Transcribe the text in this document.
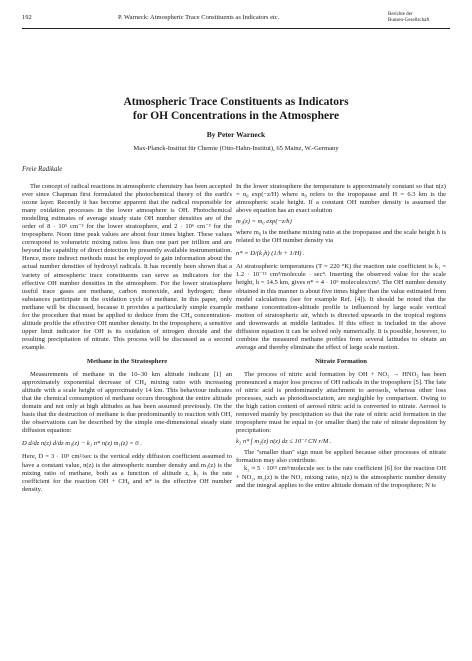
192	P. Warneck: Atmospheric Trace Constituents as Indicators etc.	Berichte der
Bunsen-Gesellschaft
Atmospheric Trace Constituents as Indicators
for OH Concentrations in the Atmosphere
By Peter Warneck
Max-Planck-Institut für Chemie (Otto-Hahn-Institut), 65 Mainz, W.-Germany
Freie Radikale

The concept of radical reactions in atmospheric chemistry has been accepted ever since Chapman first formulated the photochemical theory of the earth's ozone layer. Recently it has become apparent that the radical responsible for many oxidation processes in the lower atmosphere is OH. Photochemical modelling estimates of average steady state OH number densities are of the order of 8 · 10⁵ cm⁻³ for the lower stratosphere, and 2 · 10⁶ cm⁻³ for the troposphere. Noon time peak values are about four times higher. These values correspond to volumetric mixing ratios less than one part per trillion and are beyond the capability of direct detection by presently available instrumentation. Hence, more indirect methods must be employed to gain information about the actual number densities of hydroxyl radicals. It has recently been shown that a variety of atmospheric trace constituents can serve as indicators for the effective OH number densities in the atmosphere. For the lower stratosphere useful trace gases are methane, carbon monoxide, and hydrogen; these substances participate in the oxidation cycle of methane. In this paper, only methane will be discussed, because it provides a particularly simple example for the procedure that must be applied to deduce from the CH₄ concentration-altitude profile the effective OH number density. In the troposphere, a sensitive upper limit indicator for OH is its oxidation of nitrogen dioxide and the resulting precipitation of nitrate. This process will be discussed as a second example.

Methane in the Stratosphere

Measurements of methane in the 10–30 km altitude indicate [1] an approximately exponential decrease of CH₄ mixing ratio with increasing altitude with a scale height of approximately 14 km. This behaviour indicates that the chemical consumption of methane occurs throughout the entire altitude domain and not only at high altitudes as has been assumed previously. On the basis that the destruction of methane is due predominantly to reaction with OH, the observations can be described by the simple one-dimensional steady state diffusion equation:

D d/dz n(z) d/dz m₁(z) − k₁ n* n(z) m₁(z) = 0 .

Here, D = 3 · 10⁵ cm²/sec is the vertical eddy diffusion coefficient assumed to have a constant value, n(z) is the atmospheric number density and m₁(z) is the mixing ratio of methane, both as a function of altitude z, k₁ is the rate coefficient for the reaction OH + CH₄ and n* is the effective OH number density.

In the lower stratosphere the temperature is approximately constant so that n(z) = n₀ exp(−z/H) where n₀ refers to the tropopause and H = 6.3 km is the atmospheric scale height. If a constant OH number density is assumed the above equation has an exact solution

m₁(z) = m₀ exp(−z/h)

where m₀ is the methane mixing ratio at the tropopause and the scale height h is related to the OH number density via

n* = D/(k₁h) (1/h + 1/H) .

At stratospheric temperatures (T = 220 °K) the reaction rate coefficient is k₁ = 1.2 · 10⁻¹⁵ cm³/molecule · sec⁴. Inserting the observed value for the scale height, h = 14.5 km, gives n* = 4 · 10⁶ molecules/cm³. The OH number density obtained in this manner is about five times higher than the value estimated from model calculations (see for example Ref. [4]). It should be noted that the methane concentration-altitude profile is influenced by large scale vertical motion of stratospheric air, which is directed upwards in the tropical regions and downwards at middle latitudes. If this effect is included in the above diffusion equation it can be solved only numerically. It is possible, however, to combine the measured methane profiles from several latitudes to obtain an average and thereby eliminate the effect of large scale motion.

Nitrate Formation

The process of nitric acid formation by OH + NO₂ → HNO₃ has been pronounced a major loss process of OH radicals in the troposphere [5]. The fate of nitric acid is predominantly attachment to aerosols, whereas other loss processes, such as photodissociation, are negligible by comparison. Owing to the high cation content of aerosol nitric acid is converted to nitrate. Aerosol is removed mainly by precipitation so that the rate of nitric acid formation in the troposphere must be equal to (or smaller than) the rate of nitrate deposition by precipitation:

k₂ n* ∫ m₂(z) n(z) dz ≤ 10⁻² CN r/M .

The "smaller than" sign must be applied because other processes of nitrate formation may also contribute.

k₂ ≈ 5 · 10¹³ cm³/molecule sec is the rate coefficient [6] for the reaction OH + NO₂, m₂(z) is the NO₂ mixing ratio, n(z) is the atmospheric number density and the integral applies to the entire altitude domain of the troposphere; N is
